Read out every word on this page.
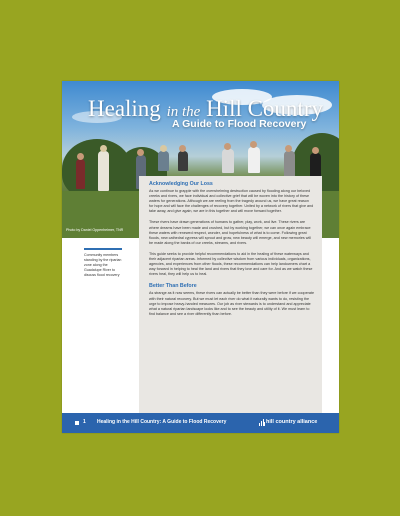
Healing in the Hill Country
A Guide to Flood Recovery
Photo by Daniel Oppenheimer, TNR
Community members standing by the riparian zone along the Guadalupe River to discuss flood recovery
Acknowledging Our Loss

As we continue to grapple with the overwhelming destruction caused by flooding along our beloved creeks and rivers, we face individual and collective grief that will be woven into the history of these waters for generations. Although we are reeling from the tragedy around us, we have great reason for hope and will face the challenges of recovery together. United by a network of rivers that give and take away, and give again, we are in this together and will move forward together.

These rivers have drawn generations of humans to gather, play, work, and live. These rivers are where dreams have been made and crushed, but by working together, we can once again embrace these waters with renewed respect, wonder, and hopefulness of what is to come. Following great floods, new cathedral cypress will sprout and grow, new beauty will emerge, and new memories will be made along the banks of our creeks, streams, and rivers.

This guide seeks to provide helpful recommendations to aid in the healing of these waterways and their adjacent riparian areas. Informed by collective wisdom from various individuals, organizations, agencies, and experiences from other floods, these recommendations can help landowners chart a way forward in helping to heal the land and rivers that they love and care for. And as we watch these rivers heal, they will help us to heal.

Better Than Before

As strange as it now seems, these rivers can actually be better than they were before if we cooperate with their natural recovery. But we must let each river do what it naturally wants to do, resisting the urge to impose heavy-handed measures. Our job as river stewards is to understand and appreciate what a natural riparian landscape looks like and to see the beauty and utility of it. We must learn to find balance and see a river differently than before.

1 Healing in the Hill Country: A Guide to Flood Recovery	hill country alliance
